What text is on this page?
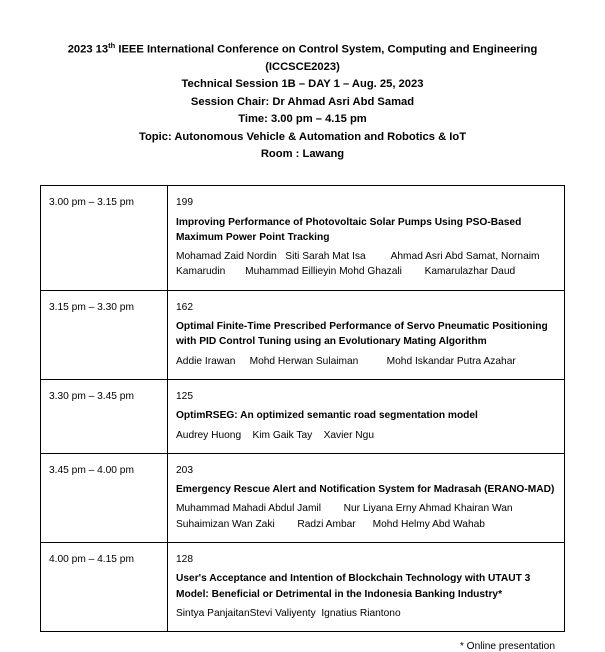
2023 13th IEEE International Conference on Control System, Computing and Engineering
(ICCSCE2023)
Technical Session 1B – DAY 1 – Aug. 25, 2023
Session Chair: Dr Ahmad Asri Abd Samad
Time: 3.00 pm – 4.15 pm
Topic: Autonomous Vehicle & Automation and Robotics & IoT
Room : Lawang
3.00 pm – 3.15 pm	199
Improving Performance of Photovoltaic Solar Pumps Using PSO-Based Maximum Power Point Tracking
Mohamad Zaid Nordin   Siti Sarah Mat Isa         Ahmad Asri Abd Samat, Nornaim Kamarudin       Muhammad Eillieyin Mohd Ghazali        Kamarulazhar Daud

3.15 pm – 3.30 pm	162
Optimal Finite-Time Prescribed Performance of Servo Pneumatic Positioning with PID Control Tuning using an Evolutionary Mating Algorithm
Addie Irawan     Mohd Herwan Sulaiman          Mohd Iskandar Putra Azahar

3.30 pm – 3.45 pm	125
OptimRSEG: An optimized semantic road segmentation model
Audrey Huong    Kim Gaik Tay    Xavier Ngu

3.45 pm – 4.00 pm	203
Emergency Rescue Alert and Notification System for Madrasah (ERANO-MAD)
Muhammad Mahadi Abdul Jamil        Nur Liyana Erny Ahmad Khairan Wan Suhaimizan Wan Zaki        Radzi Ambar      Mohd Helmy Abd Wahab

4.00 pm – 4.15 pm	128
User's Acceptance and Intention of Blockchain Technology with UTAUT 3 Model: Beneficial or Detrimental in the Indonesia Banking Industry*
Sintya PanjaitanStevi Valiyenty  Ignatius Riantono
* Online presentation
